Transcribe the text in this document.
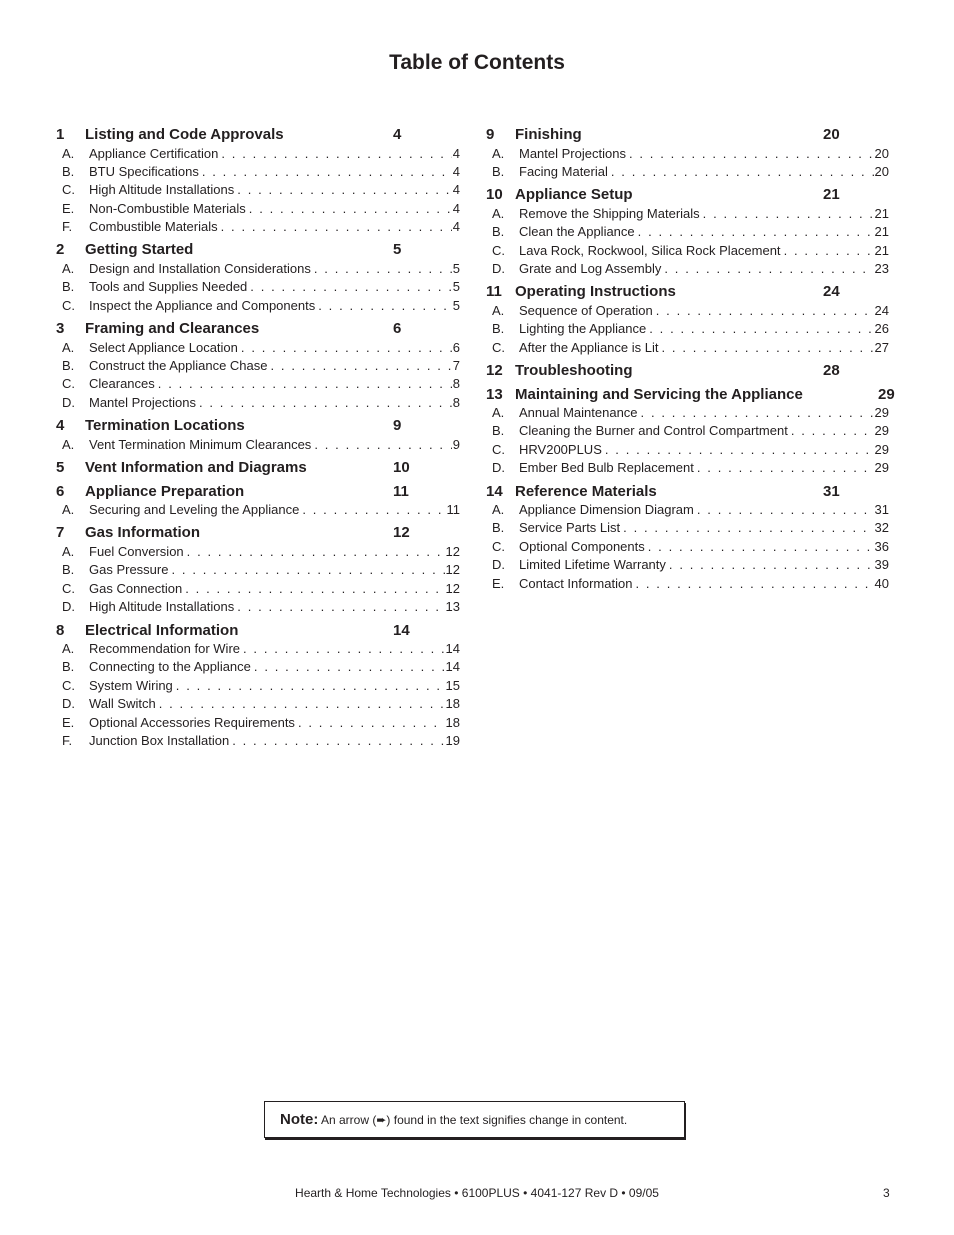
Table of Contents
1	Listing and Code Approvals	4
A.	Appliance Certification . . .	4
B.	BTU Specifications . . .	4
C.	High Altitude Installations . . .	4
E.	Non-Combustible Materials . . .	4
F.	Combustible Materials . . .	4
2	Getting Started	5
A.	Design and Installation Considerations . . .	5
B.	Tools and Supplies Needed . . .	5
C.	Inspect the Appliance and Components . . .	5
3	Framing and Clearances	6
A.	Select Appliance Location . . .	6
B.	Construct the Appliance Chase . . .	7
C.	Clearances . . .	8
D.	Mantel Projections . . .	8
4	Termination Locations	9
A.	Vent Termination Minimum Clearances . . .	9
5	Vent Information and Diagrams	10
6	Appliance Preparation	11
A.	Securing and Leveling the Appliance . . .	11
7	Gas Information	12
A.	Fuel Conversion . . .	12
B.	Gas Pressure . . .	12
C.	Gas Connection . . .	12
D.	High Altitude Installations . . .	13
8	Electrical Information	14
A.	Recommendation for Wire . . .	14
B.	Connecting to the Appliance . . .	14
C.	System Wiring . . .	15
D.	Wall Switch . . .	18
E.	Optional Accessories Requirements . . .	18
F.	Junction Box Installation . . .	19
9	Finishing	20
A.	Mantel Projections . . .	20
B.	Facing Material . . .	20
10 Appliance Setup	21
A.	Remove the Shipping Materials . . .	21
B.	Clean the Appliance . . .	21
C.	Lava Rock, Rockwool, Silica Rock Placement . . .	21
D.	Grate and Log Assembly . . .	23
11 Operating Instructions	24
A.	Sequence of Operation . . .	24
B.	Lighting the Appliance . . .	26
C.	After the Appliance is Lit . . .	27
12 Troubleshooting	28
13 Maintaining and Servicing the Appliance	29
A.	Annual Maintenance . . .	29
B.	Cleaning the Burner and Control Compartment . . .	29
C.	HRV200PLUS . . .	29
D.	Ember Bed Bulb Replacement . . .	29
14 Reference Materials	31
A.	Appliance Dimension Diagram . . .	31
B.	Service Parts List . . .	32
C.	Optional Components . . .	36
D.	Limited Lifetime Warranty . . .	39
E.	Contact Information . . .	40
Note: An arrow (➨) found in the text signifies change in content.
Hearth & Home Technologies • 6100PLUS • 4041-127 Rev D • 09/05	3
